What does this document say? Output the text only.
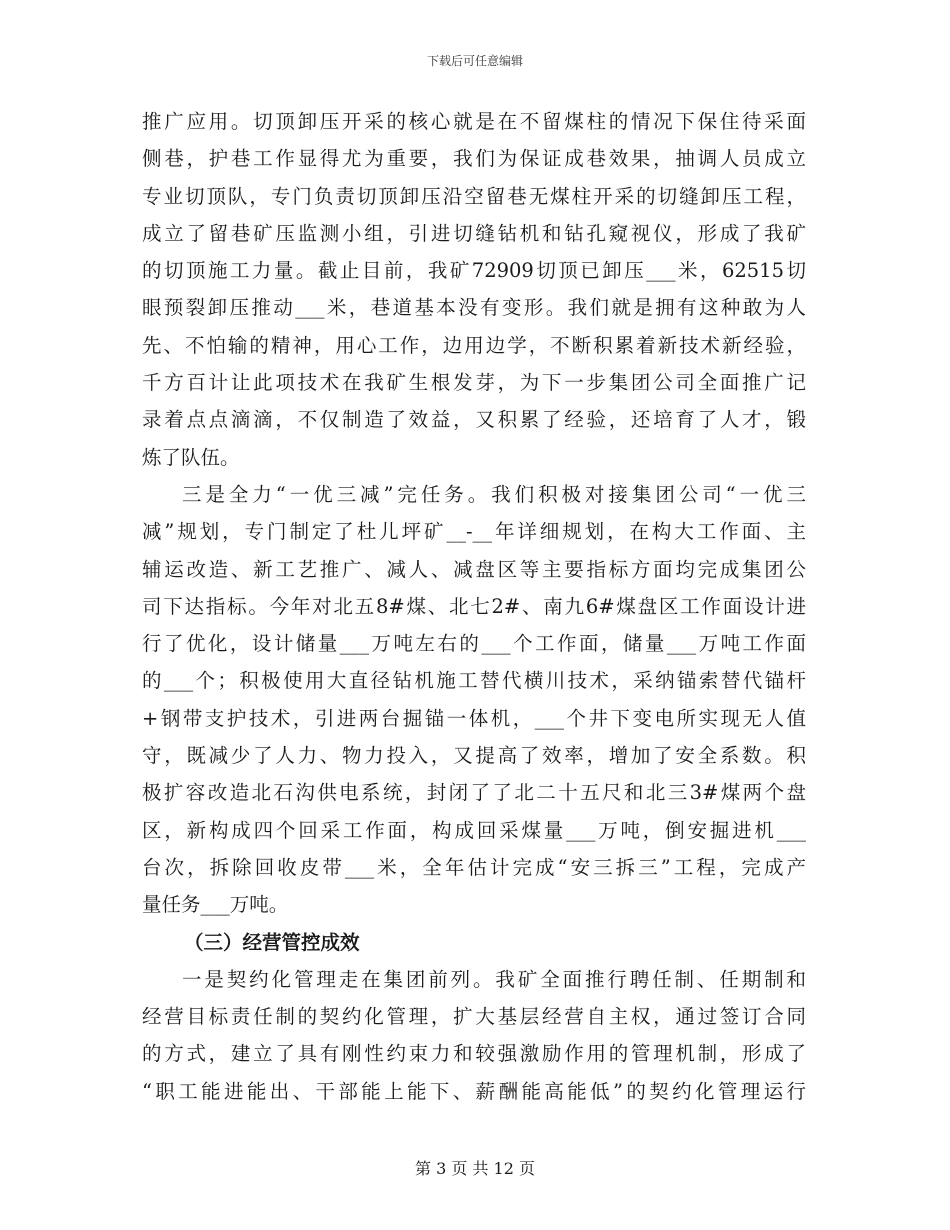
下载后可任意编辑
推广应用。切顶卸压开采的核心就是在不留煤柱的情况下保住待采面
侧巷，护巷工作显得尤为重要，我们为保证成巷效果，抽调人员成立
专业切顶队，专门负责切顶卸压沿空留巷无煤柱开采的切缝卸压工程，
成立了留巷矿压监测小组，引进切缝钻机和钻孔窥视仪，形成了我矿
的切顶施工力量。截止目前，我矿72909切顶已卸压___米，62515切
眼预裂卸压推动___米，巷道基本没有变形。我们就是拥有这种敢为人
先、不怕输的精神，用心工作，边用边学，不断积累着新技术新经验，
千方百计让此项技术在我矿生根发芽，为下一步集团公司全面推广记
录着点点滴滴，不仅制造了效益，又积累了经验，还培育了人才，锻
炼了队伍。
三是全力“一优三减”完任务。我们积极对接集团公司“一优三
减”规划，专门制定了杜儿坪矿__-__年详细规划，在构大工作面、主
辅运改造、新工艺推广、减人、减盘区等主要指标方面均完成集团公
司下达指标。今年对北五8#煤、北七2#、南九6#煤盘区工作面设计进
行了优化，设计储量___万吨左右的___个工作面，储量___万吨工作面
的___个；积极使用大直径钻机施工替代横川技术，采纳锚索替代锚杆
+钢带支护技术，引进两台掘锚一体机，___个井下变电所实现无人值
守，既减少了人力、物力投入，又提高了效率，增加了安全系数。积
极扩容改造北石沟供电系统，封闭了了北二十五尺和北三3#煤两个盘
区，新构成四个回采工作面，构成回采煤量___万吨，倒安掘进机___
台次，拆除回收皮带___米，全年估计完成“安三拆三”工程，完成产
量任务___万吨。
（三）经营管控成效
一是契约化管理走在集团前列。我矿全面推行聘任制、任期制和
经营目标责任制的契约化管理，扩大基层经营自主权，通过签订合同
的方式，建立了具有刚性约束力和较强激励作用的管理机制，形成了
“职工能进能出、干部能上能下、薪酬能高能低”的契约化管理运行
第 3 页 共 12 页
